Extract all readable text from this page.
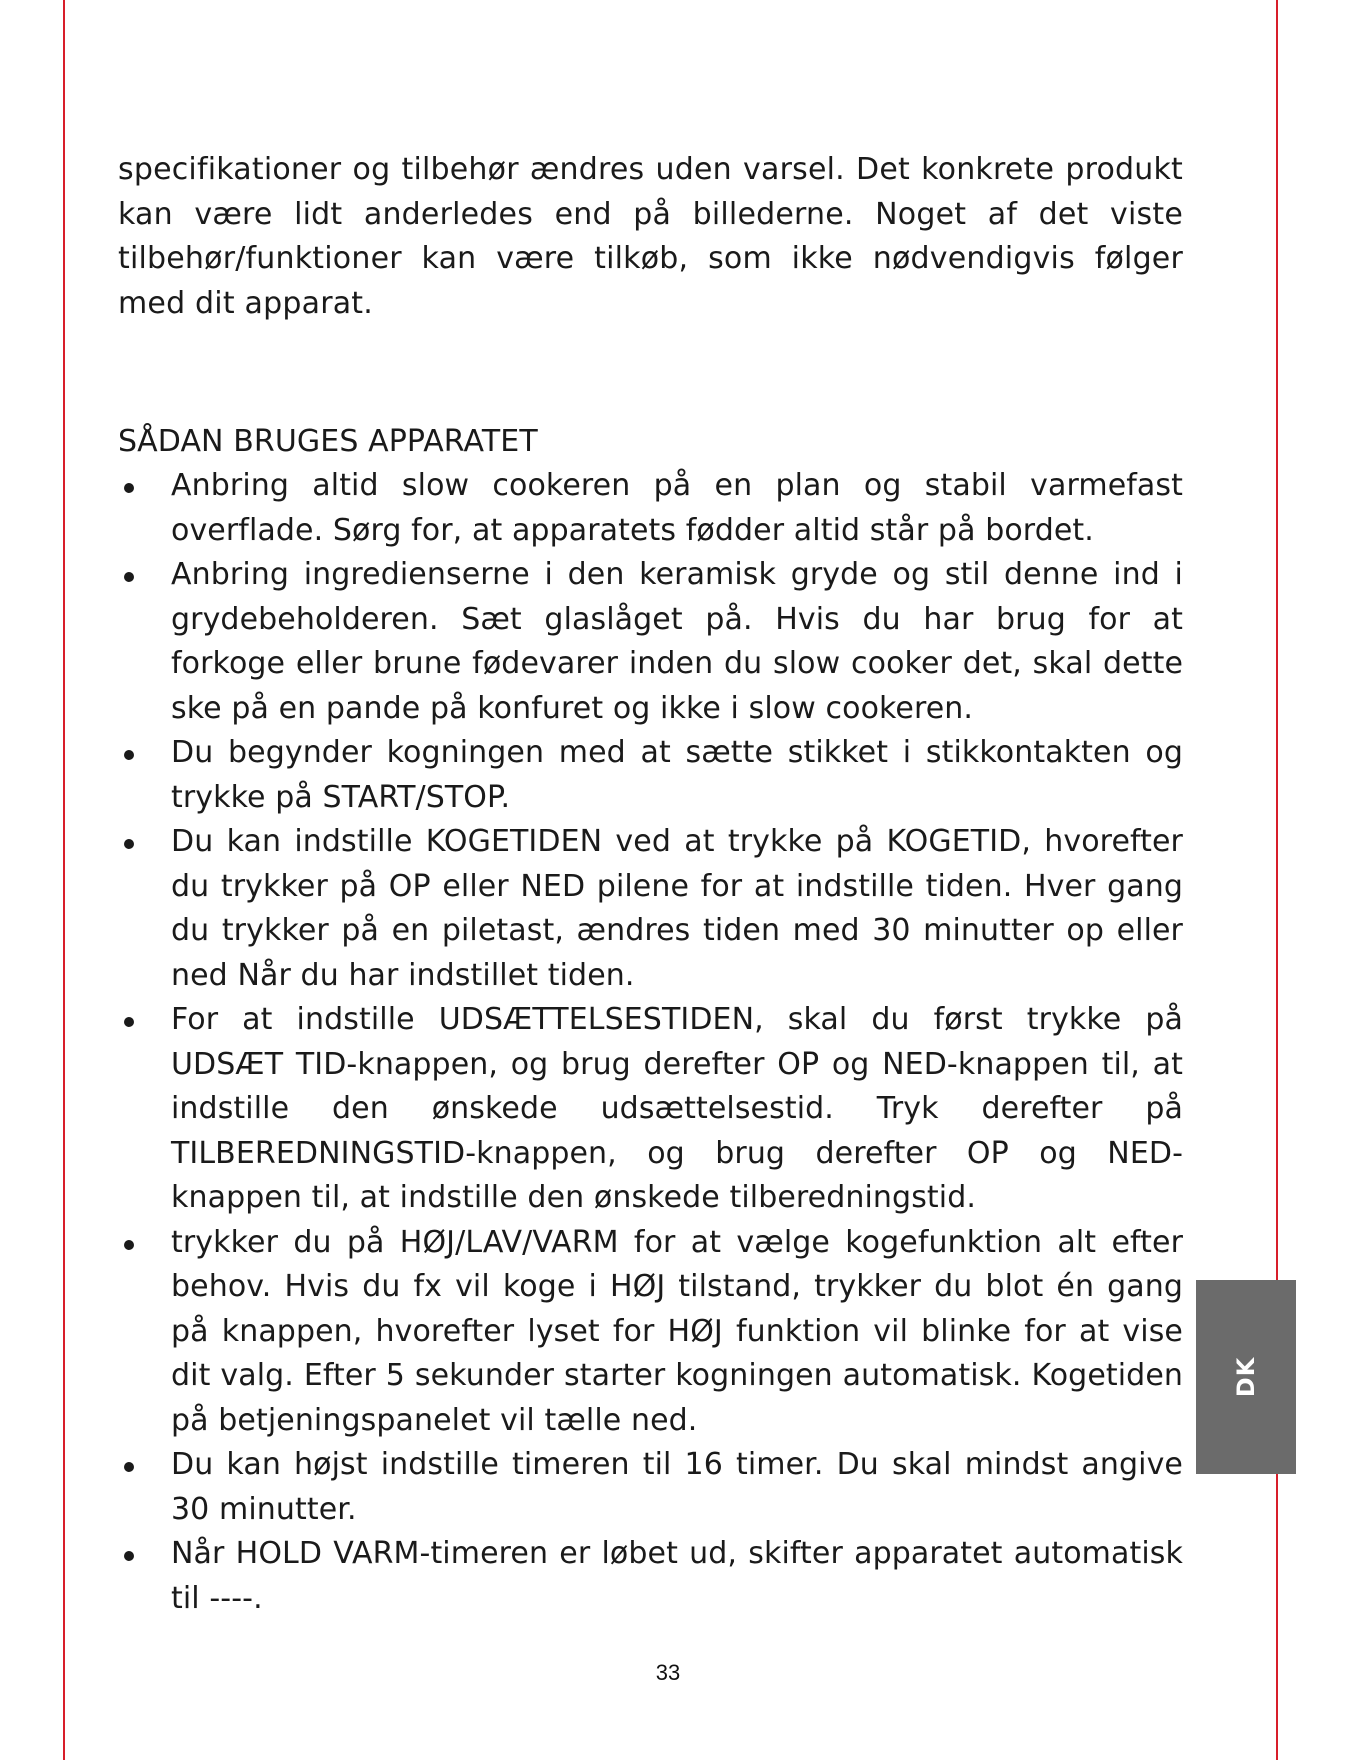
specifikationer og tilbehør ændres uden varsel. Det konkrete produkt kan være lidt anderledes end på billederne. Noget af det viste tilbehør/funktioner kan være tilkøb, som ikke nødvendigvis følger med dit apparat.

SÅDAN BRUGES APPARATET
Anbring altid slow cookeren på en plan og stabil varmefast overflade. Sørg for, at apparatets fødder altid står på bordet.
Anbring ingredienserne i den keramisk gryde og stil denne ind i grydebeholderen. Sæt glaslåget på. Hvis du har brug for at forkoge eller brune fødevarer inden du slow cooker det, skal dette ske på en pande på konfuret og ikke i slow cookeren.
Du begynder kogningen med at sætte stikket i stikkontakten og trykke på START/STOP.
Du kan indstille KOGETIDEN ved at trykke på KOGETID, hvorefter du trykker på OP eller NED pilene for at indstille tiden. Hver gang du trykker på en piletast, ændres tiden med 30 minutter op eller ned Når du har indstillet tiden.
For at indstille UDSÆTTELSESTIDEN, skal du først trykke på UDSÆT TID-knappen, og brug derefter OP og NED-knappen til, at indstille den ønskede udsættelsestid. Tryk derefter på TILBEREDNINGSTID-knappen, og brug derefter OP og NED-knappen til, at indstille den ønskede tilberedningstid.
trykker du på HØJ/LAV/VARM for at vælge kogefunktion alt efter behov. Hvis du fx vil koge i HØJ tilstand, trykker du blot én gang på knappen, hvorefter lyset for HØJ funktion vil blinke for at vise dit valg. Efter 5 sekunder starter kogningen automatisk. Kogetiden på betjeningspanelet vil tælle ned.
Du kan højst indstille timeren til 16 timer. Du skal mindst angive 30 minutter.
Når HOLD VARM-timeren er løbet ud, skifter apparatet automatisk til ----.
DK
33
